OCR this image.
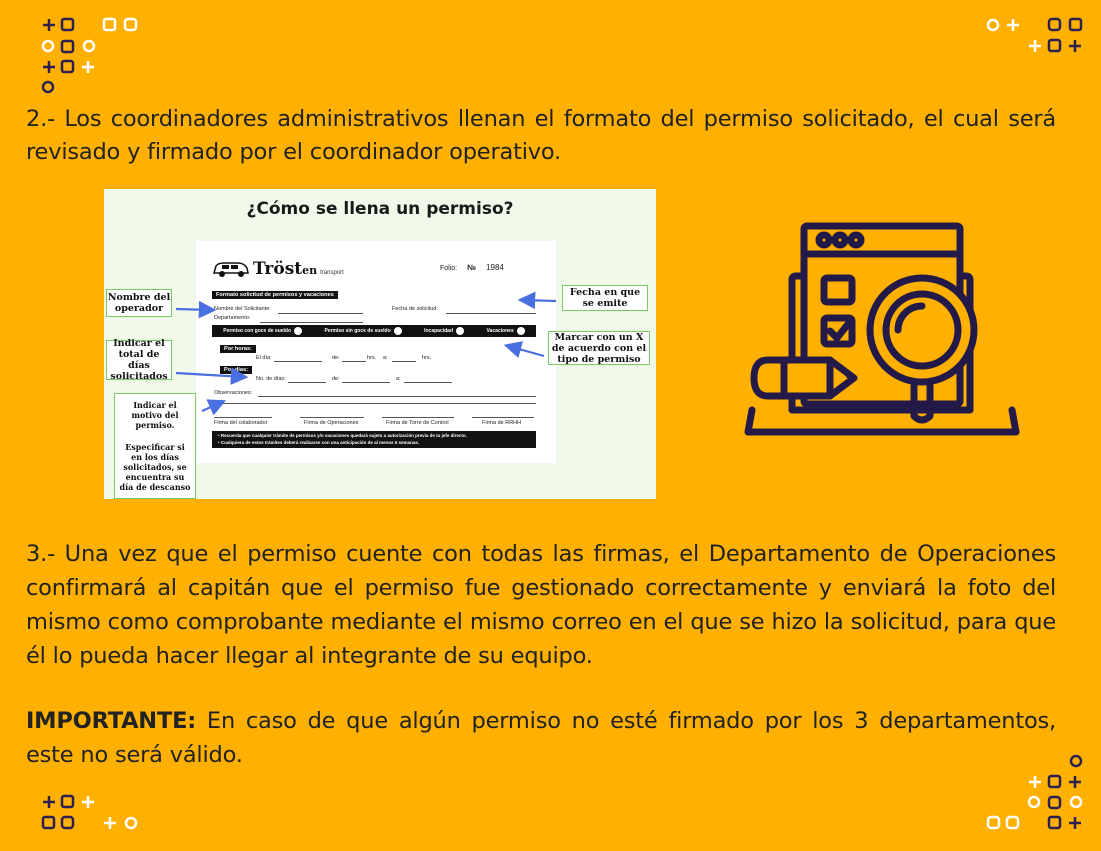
2.- Los coordinadores administrativos llenan el formato del permiso solicitado, el cual será revisado y firmado por el coordinador operativo.

¿Cómo se llena un permiso?
Trösten transport
Folio: № 1984
Formato solicitud de permisos y vacaciones
Nombre del Solicitante:	Fecha de solicitud:
Departamento:
Permiso con goce de sueldo	Permiso sin goce de sueldo	Incapacidad	Vacaciones
Por horas:
El día:	de:	hrs. a:	hrs.
Por días:
No. de días:	de:	a:
Observaciones:
Firma del colaborador	Firma de Operaciones	Firma de Torre de Control	Firma de RRHH
• Recuerda que cualquier trámite de permisos y/o vacaciones quedará sujeto a autorización previa de tu jefe directo.
• Cualquiera de estos trámites deberá realizarse con una anticipación de al menos 5 semanas.
Nombre del operador
Indicar el total de días solicitados

Indicar el motivo del permiso.

Especificar si en los días solicitados, se encuentra su día de descanso

Fecha en que se emite
Marcar con un X de acuerdo con el tipo de permiso

3.- Una vez que el permiso cuente con todas las firmas, el Departamento de Operaciones confirmará al capitán que el permiso fue gestionado correctamente y enviará la foto del mismo como comprobante mediante el mismo correo en el que se hizo la solicitud, para que él lo pueda hacer llegar al integrante de su equipo.

IMPORTANTE: En caso de que algún permiso no esté firmado por los 3 departamentos, este no será válido.
